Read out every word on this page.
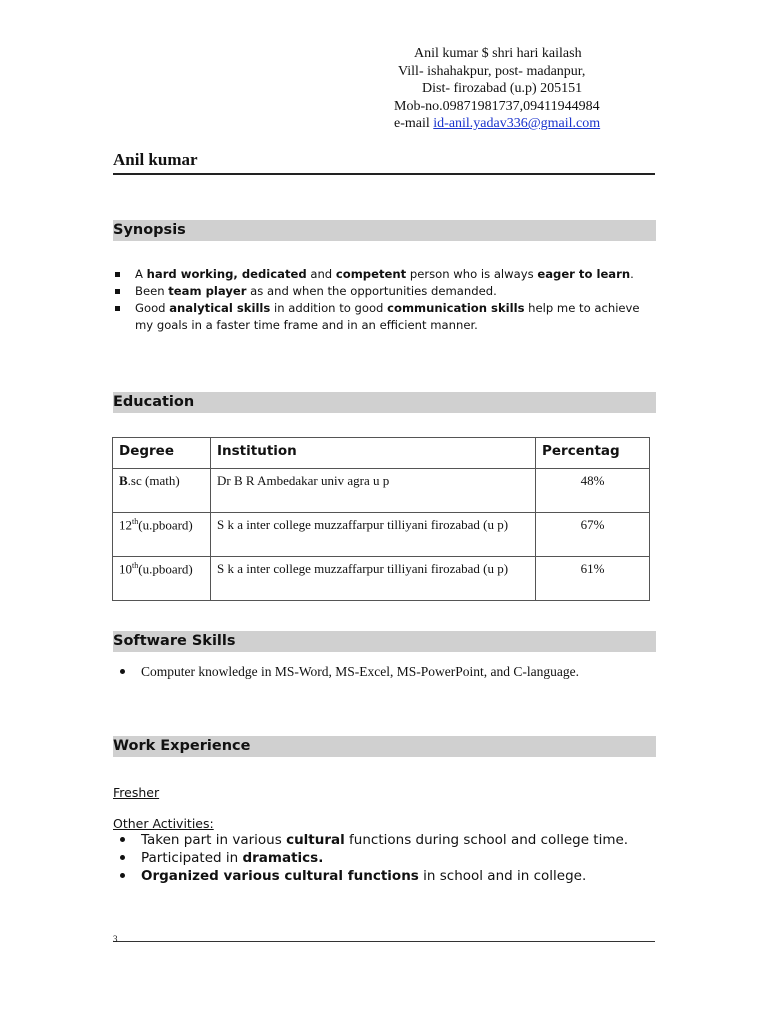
Anil kumar $ shri hari kailash
Vill- ishahakpur, post- madanpur,
Dist- firozabad (u.p) 205151
Mob-no.09871981737,09411944984
e-mail id-anil.yadav336@gmail.com
Anil kumar
Synopsis
A hard working, dedicated and competent person who is always eager to learn.
Been team player as and when the opportunities demanded.
Good analytical skills in addition to good communication skills help me to achieve my goals in a faster time frame and in an efficient manner.
Education
Degree	Institution	Percentag
B.sc (math)	Dr B R Ambedakar univ agra u p	48%
12th(u.pboard)	S k a inter college muzzaffarpur tilliyani firozabad (u p)	67%
10th(u.pboard)	S k a inter college muzzaffarpur tilliyani firozabad (u p)	61%
Software Skills
Computer knowledge in MS-Word, MS-Excel, MS-PowerPoint, and C-language.
Work Experience
Fresher
Other Activities:
Taken part in various cultural functions during school and college time.
Participated in dramatics.
Organized various cultural functions in school and in college.
3
